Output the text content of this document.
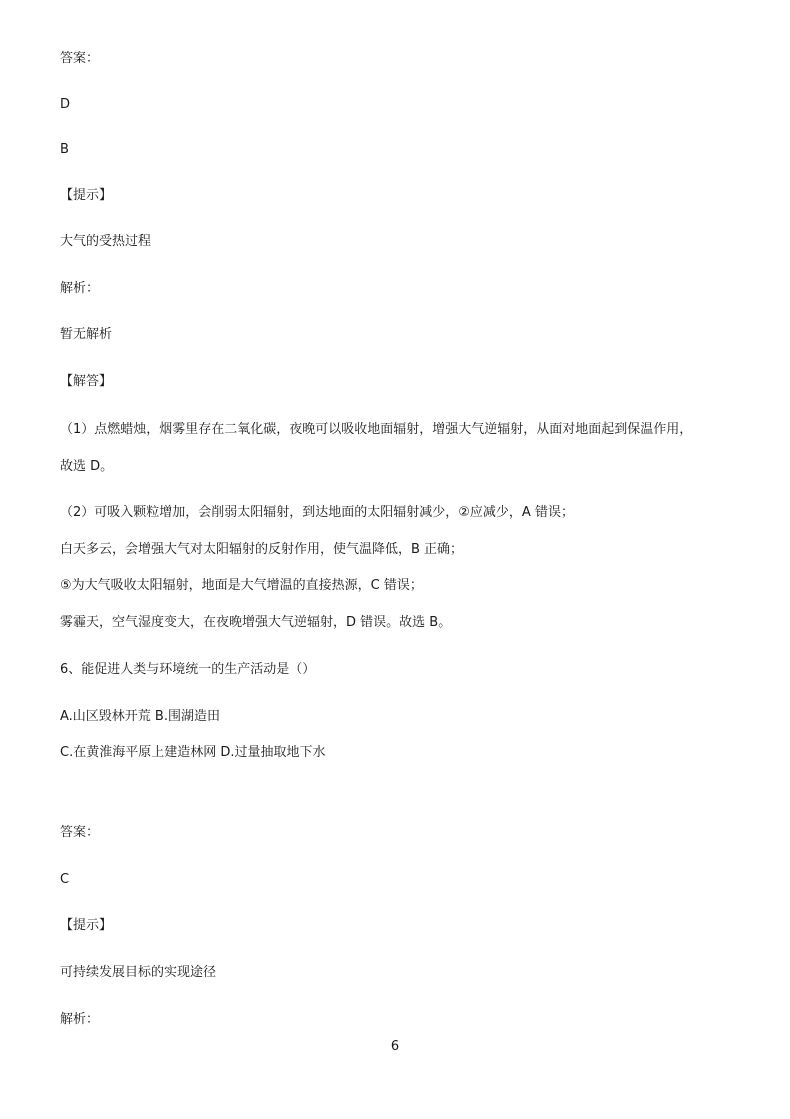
答案：
D
B
【提示】
大气的受热过程
解析：
暂无解析
【解答】
（1）点燃蜡烛，烟雾里存在二氧化碳，夜晚可以吸收地面辐射，增强大气逆辐射，从面对地面起到保温作用，
故选 D。
（2）可吸入颗粒增加，会削弱太阳辐射，到达地面的太阳辐射减少，②应减少，A 错误；
白天多云，会增强大气对太阳辐射的反射作用，使气温降低，B 正确；
⑤为大气吸收太阳辐射，地面是大气增温的直接热源，C 错误；
雾霾天，空气湿度变大，在夜晚增强大气逆辐射，D 错误。故选 B。
6、能促进人类与环境统一的生产活动是（）
A.山区毁林开荒 B.围湖造田
C.在黄淮海平原上建造林网 D.过量抽取地下水
答案：
C
【提示】
可持续发展目标的实现途径
解析：
6
